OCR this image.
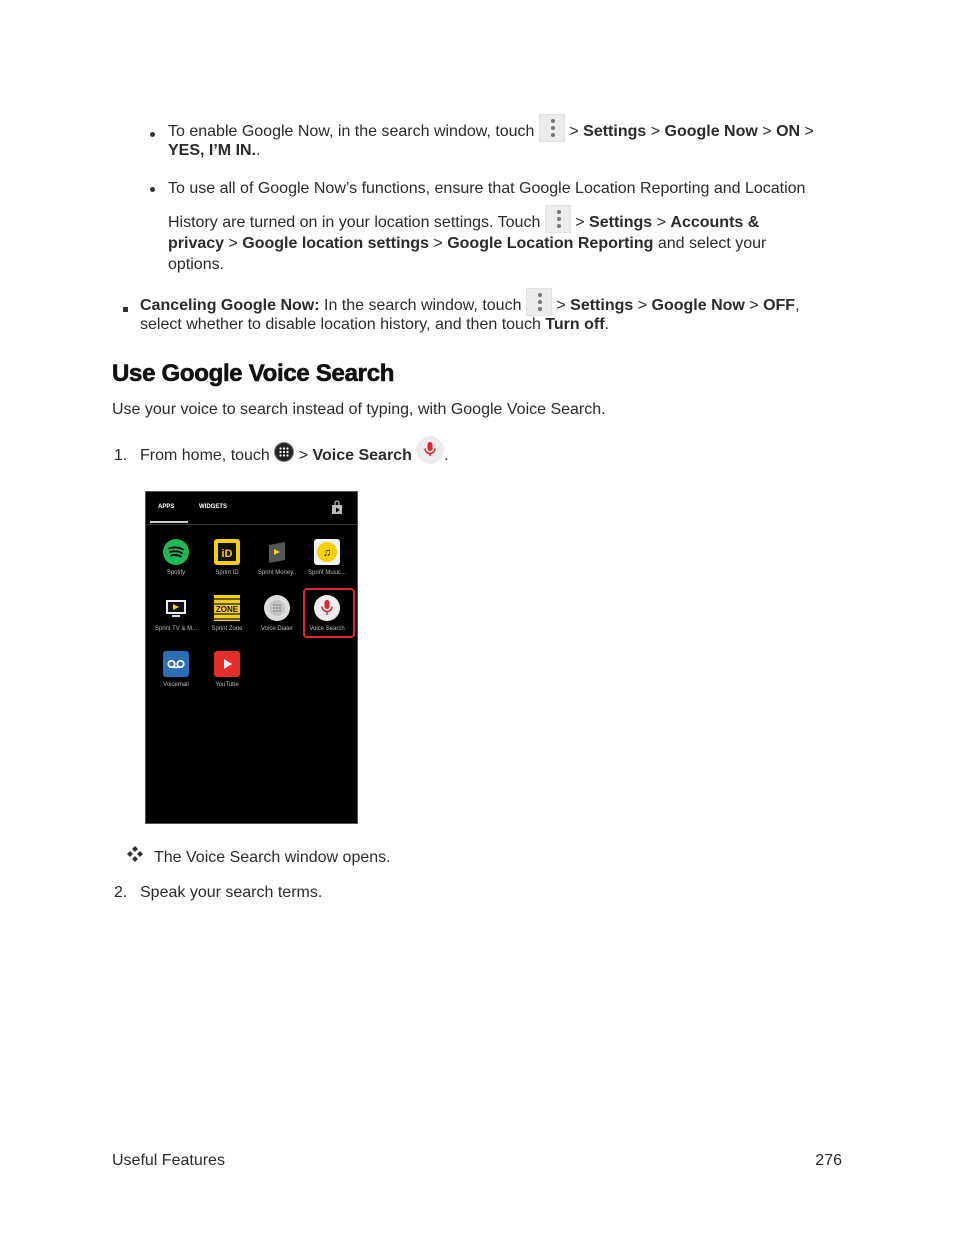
To enable Google Now, in the search window, touch
> Settings > Google Now > ON >
YES, I’M IN..
To use all of Google Now’s functions, ensure that Google Location Reporting and Location
History are turned on in your location settings. Touch
> Settings > Accounts &
privacy > Google location settings > Google Location Reporting and select your
options.
Canceling Google Now: In the search window, touch
> Settings > Google Now > OFF,
select whether to disable location history, and then touch Turn off.
Use Google Voice Search
Use your voice to search instead of typing, with Google Voice Search.
1. From home, touch > Voice Search .
APPS	WIDGETS
Spotify
iD
Sprint ID	Sprint Money..
♫
Sprint Music...
Sprint TV & M...
ZONE
Sprint Zone	Voice Dialer	Voice Search
Voicemail	YouTube
The Voice Search window opens.
2. Speak your search terms.
Useful Features	276
